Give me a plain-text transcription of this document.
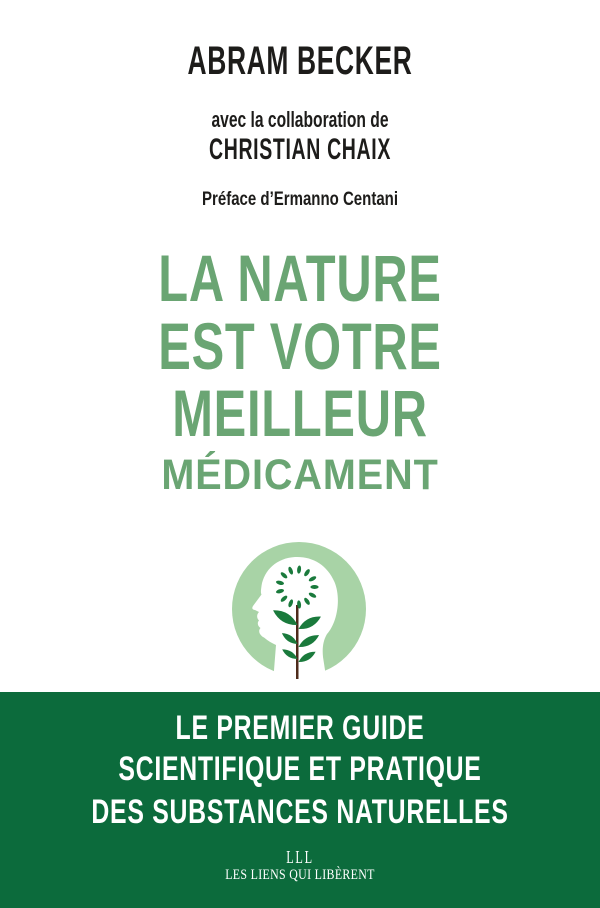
ABRAM BECKER
avec la collaboration de
CHRISTIAN CHAIX
Préface d’Ermanno Centani
LA NATURE
EST VOTRE
MEILLEUR
MÉDICAMENT
LE PREMIER GUIDE
SCIENTIFIQUE ET PRATIQUE
DES SUBSTANCES NATURELLES
LLL
LES LIENS QUI LIBÈRENT
